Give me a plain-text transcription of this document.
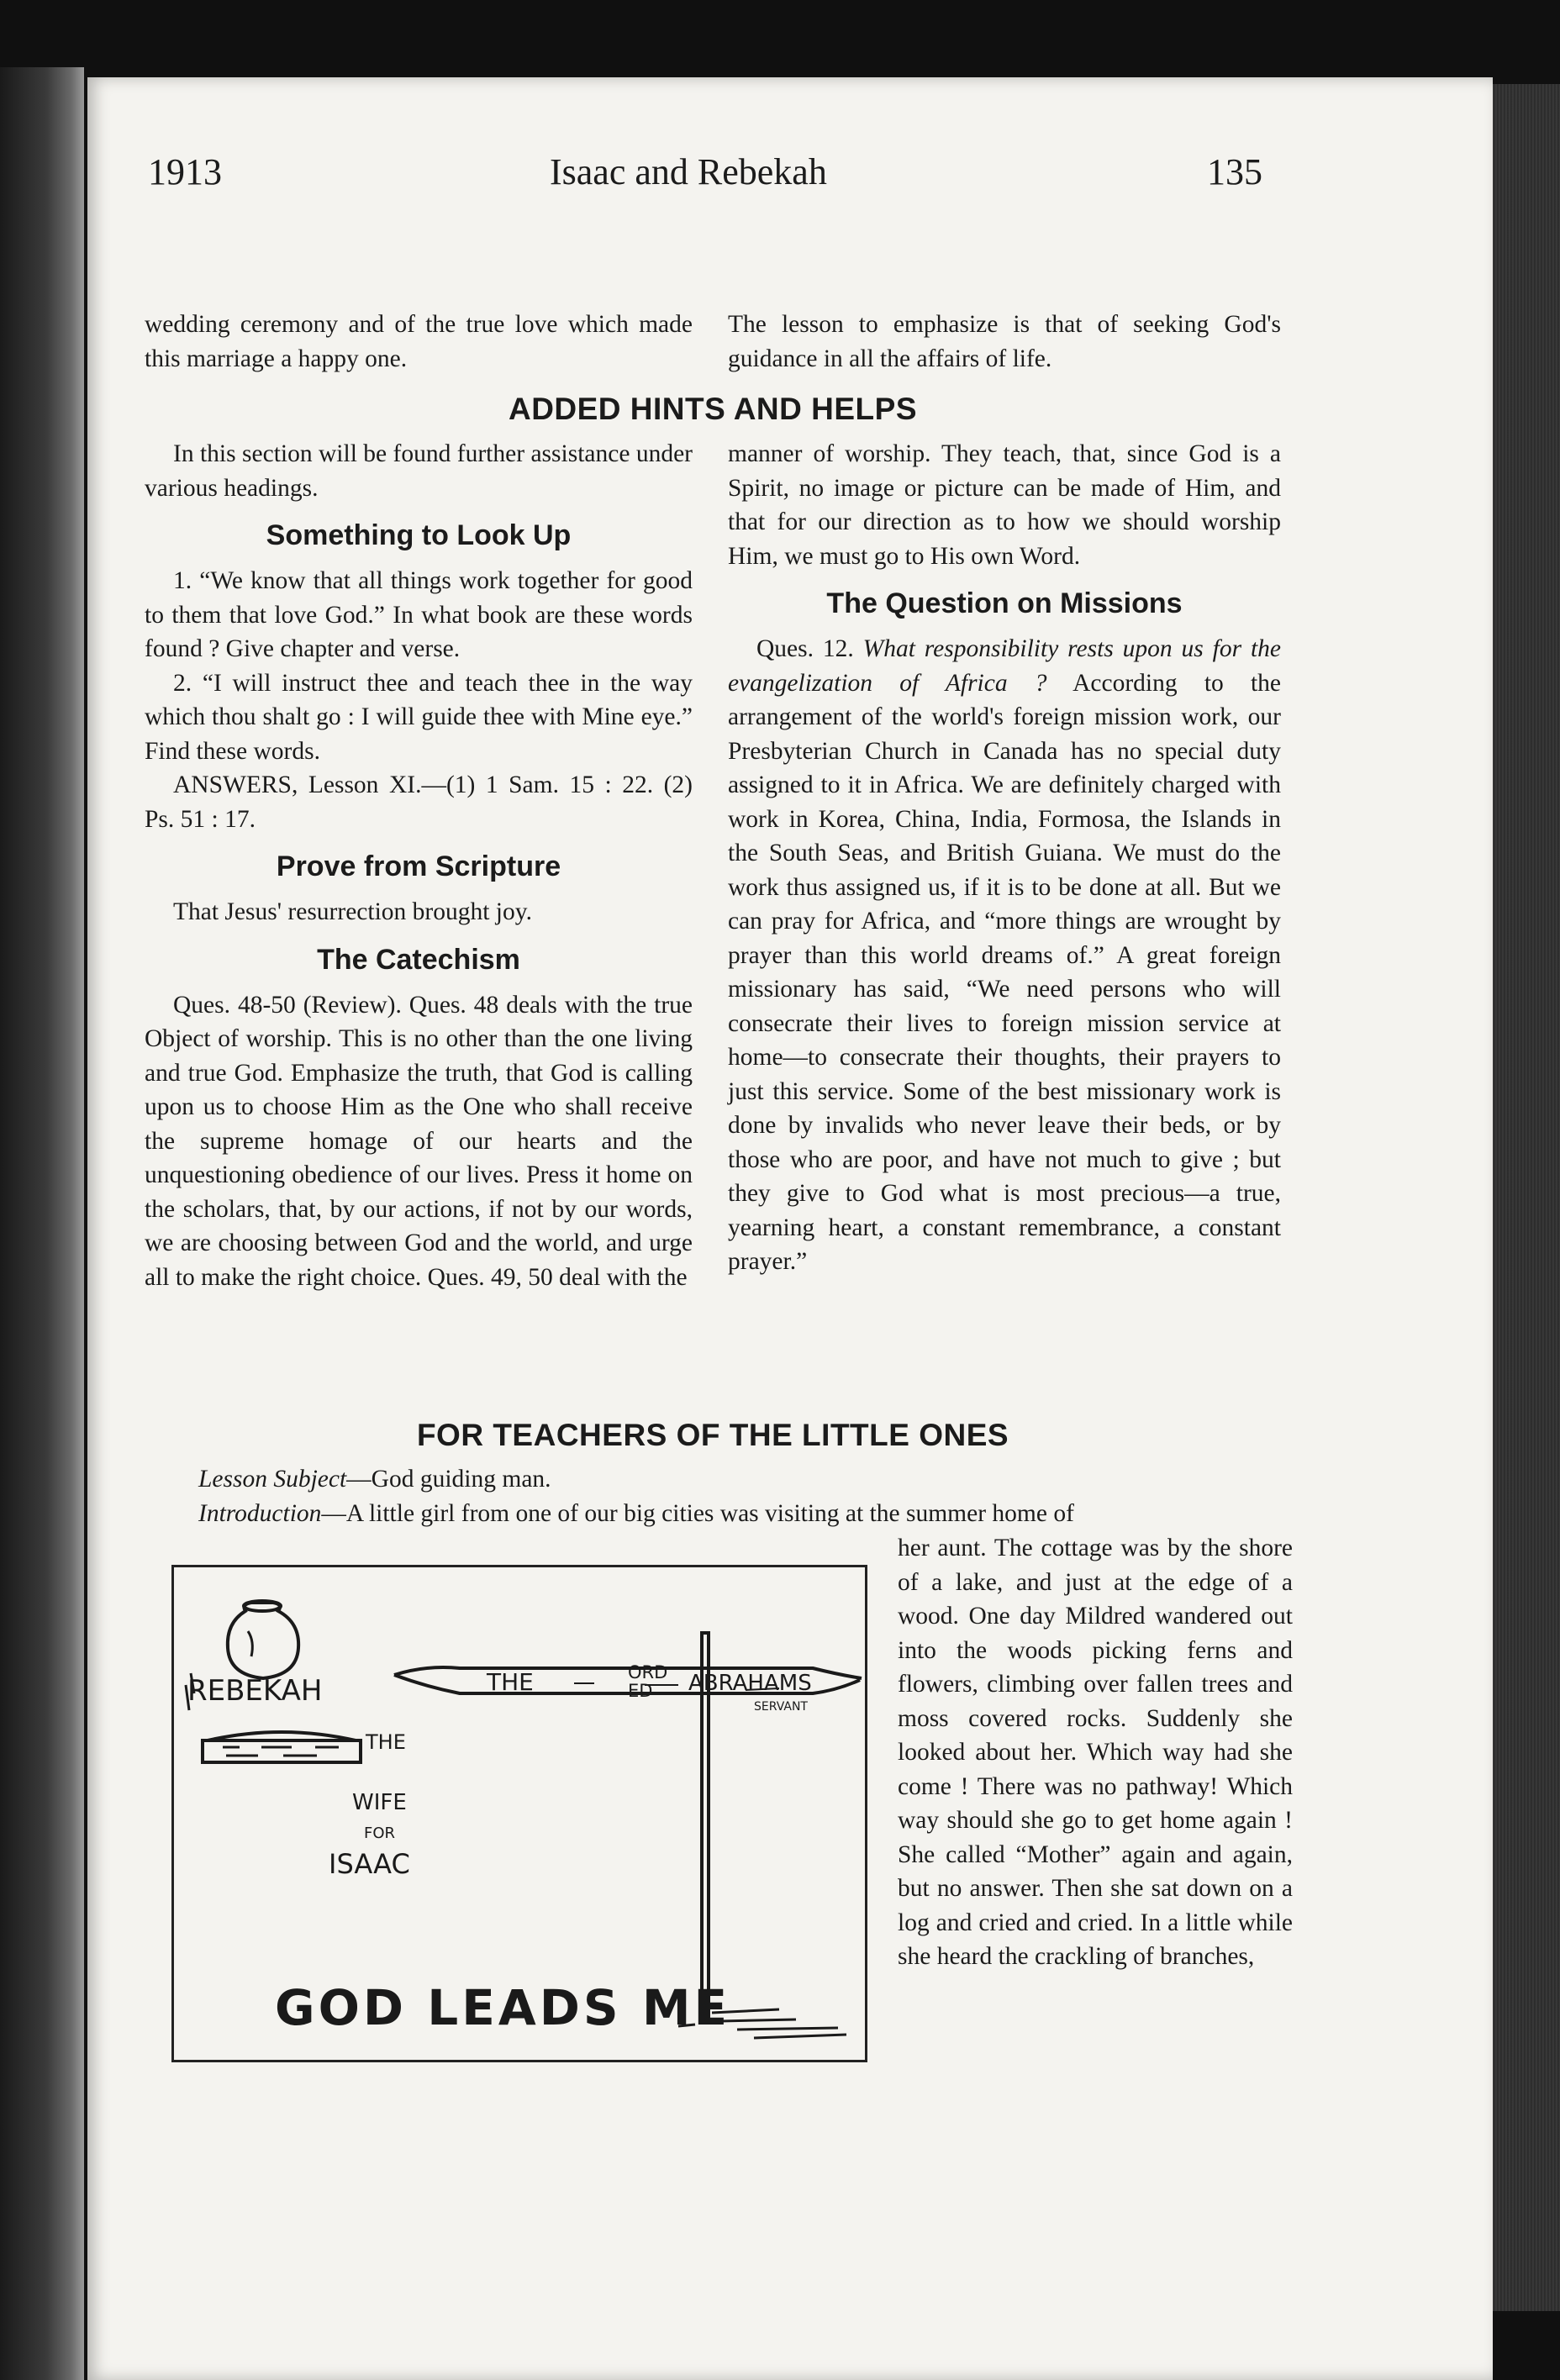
1913	Isaac and Rebekah	135
wedding ceremony and of the true love which made this marriage a happy one.
The lesson to emphasize is that of seeking God's guidance in all the affairs of life.
ADDED HINTS AND HELPS

In this section will be found further assistance under various headings.

Something to Look Up

1. “We know that all things work together for good to them that love God.” In what book are these words found ? Give chapter and verse.

2. “I will instruct thee and teach thee in the way which thou shalt go : I will guide thee with Mine eye.” Find these words.

ANSWERS, Lesson XI.—(1) 1 Sam. 15 : 22. (2) Ps. 51 : 17.

Prove from Scripture

That Jesus' resurrection brought joy.

The Catechism

Ques. 48-50 (Review). Ques. 48 deals with the true Object of worship. This is no other than the one living and true God. Emphasize the truth, that God is calling upon us to choose Him as the One who shall receive the supreme homage of our hearts and the unquestioning obedience of our lives. Press it home on the scholars, that, by our actions, if not by our words, we are choosing between God and the world, and urge all to make the right choice. Ques. 49, 50 deal with the

manner of worship. They teach, that, since God is a Spirit, no image or picture can be made of Him, and that for our direction as to how we should worship Him, we must go to His own Word.

The Question on Missions

Ques. 12. What responsibility rests upon us for the evangelization of Africa ? According to the arrangement of the world's foreign mission work, our Presbyterian Church in Canada has no special duty assigned to it in Africa. We are definitely charged with work in Korea, China, India, Formosa, the Islands in the South Seas, and British Guiana. We must do the work thus assigned us, if it is to be done at all. But we can pray for Africa, and “more things are wrought by prayer than this world dreams of.” A great foreign missionary has said, “We need persons who will consecrate their lives to foreign mission service at home—to consecrate their thoughts, their prayers to just this service. Some of the best missionary work is done by invalids who never leave their beds, or by those who are poor, and have not much to give ; but they give to God what is most precious—a true, yearning heart, a constant remembrance, a constant prayer.”

FOR TEACHERS OF THE LITTLE ONES
Lesson Subject—God guiding man.
Introduction—A little girl from one of our big cities was visiting at the summer home of
her aunt. The cottage was by the shore of a lake, and just at the edge of a wood. One day Mildred wandered out into the woods picking ferns and flowers, climbing over fallen trees and moss covered rocks. Suddenly she looked about her. Which way had she come ! There was no pathway! Which way should she go to get home again ! She called “Mother” again and again, but no answer. Then she sat down on a log and cried and cried. In a little while she heard the crackling of branches,
REBEKAH
THE
WIFE
FOR
ISAAC
THE	ORD
ED ABRAHAMS
SERVANT
GOD LEADS ME
